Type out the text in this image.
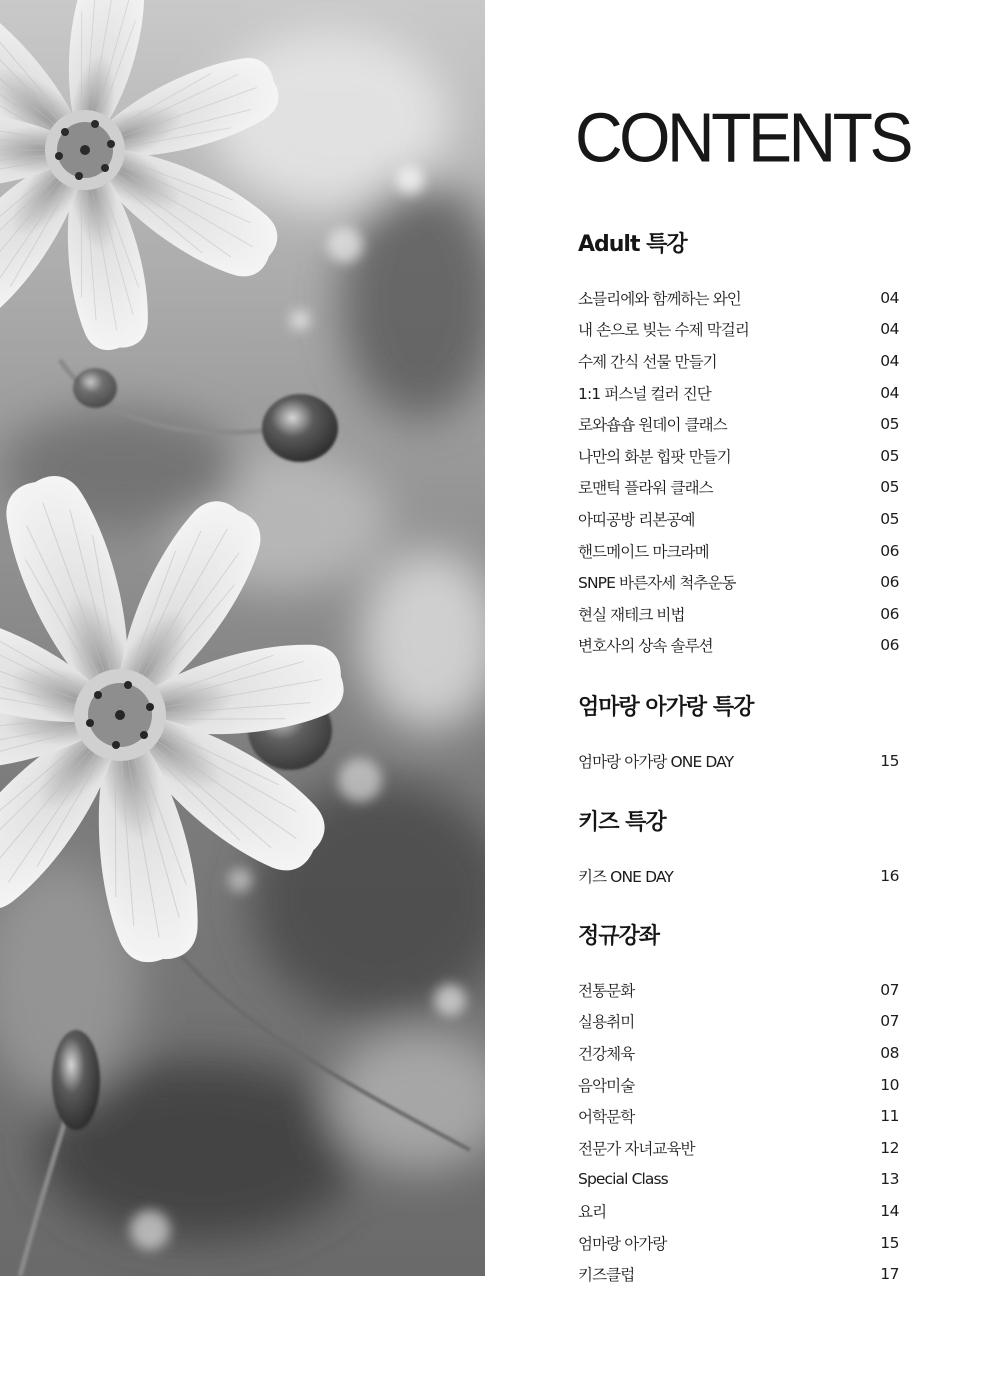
CONTENTS
Adult 특강
소믈리에와 함께하는 와인	04
내 손으로 빚는 수제 막걸리	04
수제 간식 선물 만들기	04
1:1 퍼스널 컬러 진단	04
로와숍숍 원데이 클래스	05
나만의 화분 힙팟 만들기	05
로맨틱 플라워 클래스	05
아띠공방 리본공예	05
핸드메이드 마크라메	06
SNPE 바른자세 척추운동	06
현실 재테크 비법	06
변호사의 상속 솔루션	06
엄마랑 아가랑 특강
엄마랑 아가랑 ONE DAY	15
키즈 특강
키즈 ONE DAY	16
정규강좌
전통문화	07
실용취미	07
건강체육	08
음악미술	10
어학문학	11
전문가 자녀교육반	12
Special Class	13
요리	14
엄마랑 아가랑	15
키즈클럽	17
